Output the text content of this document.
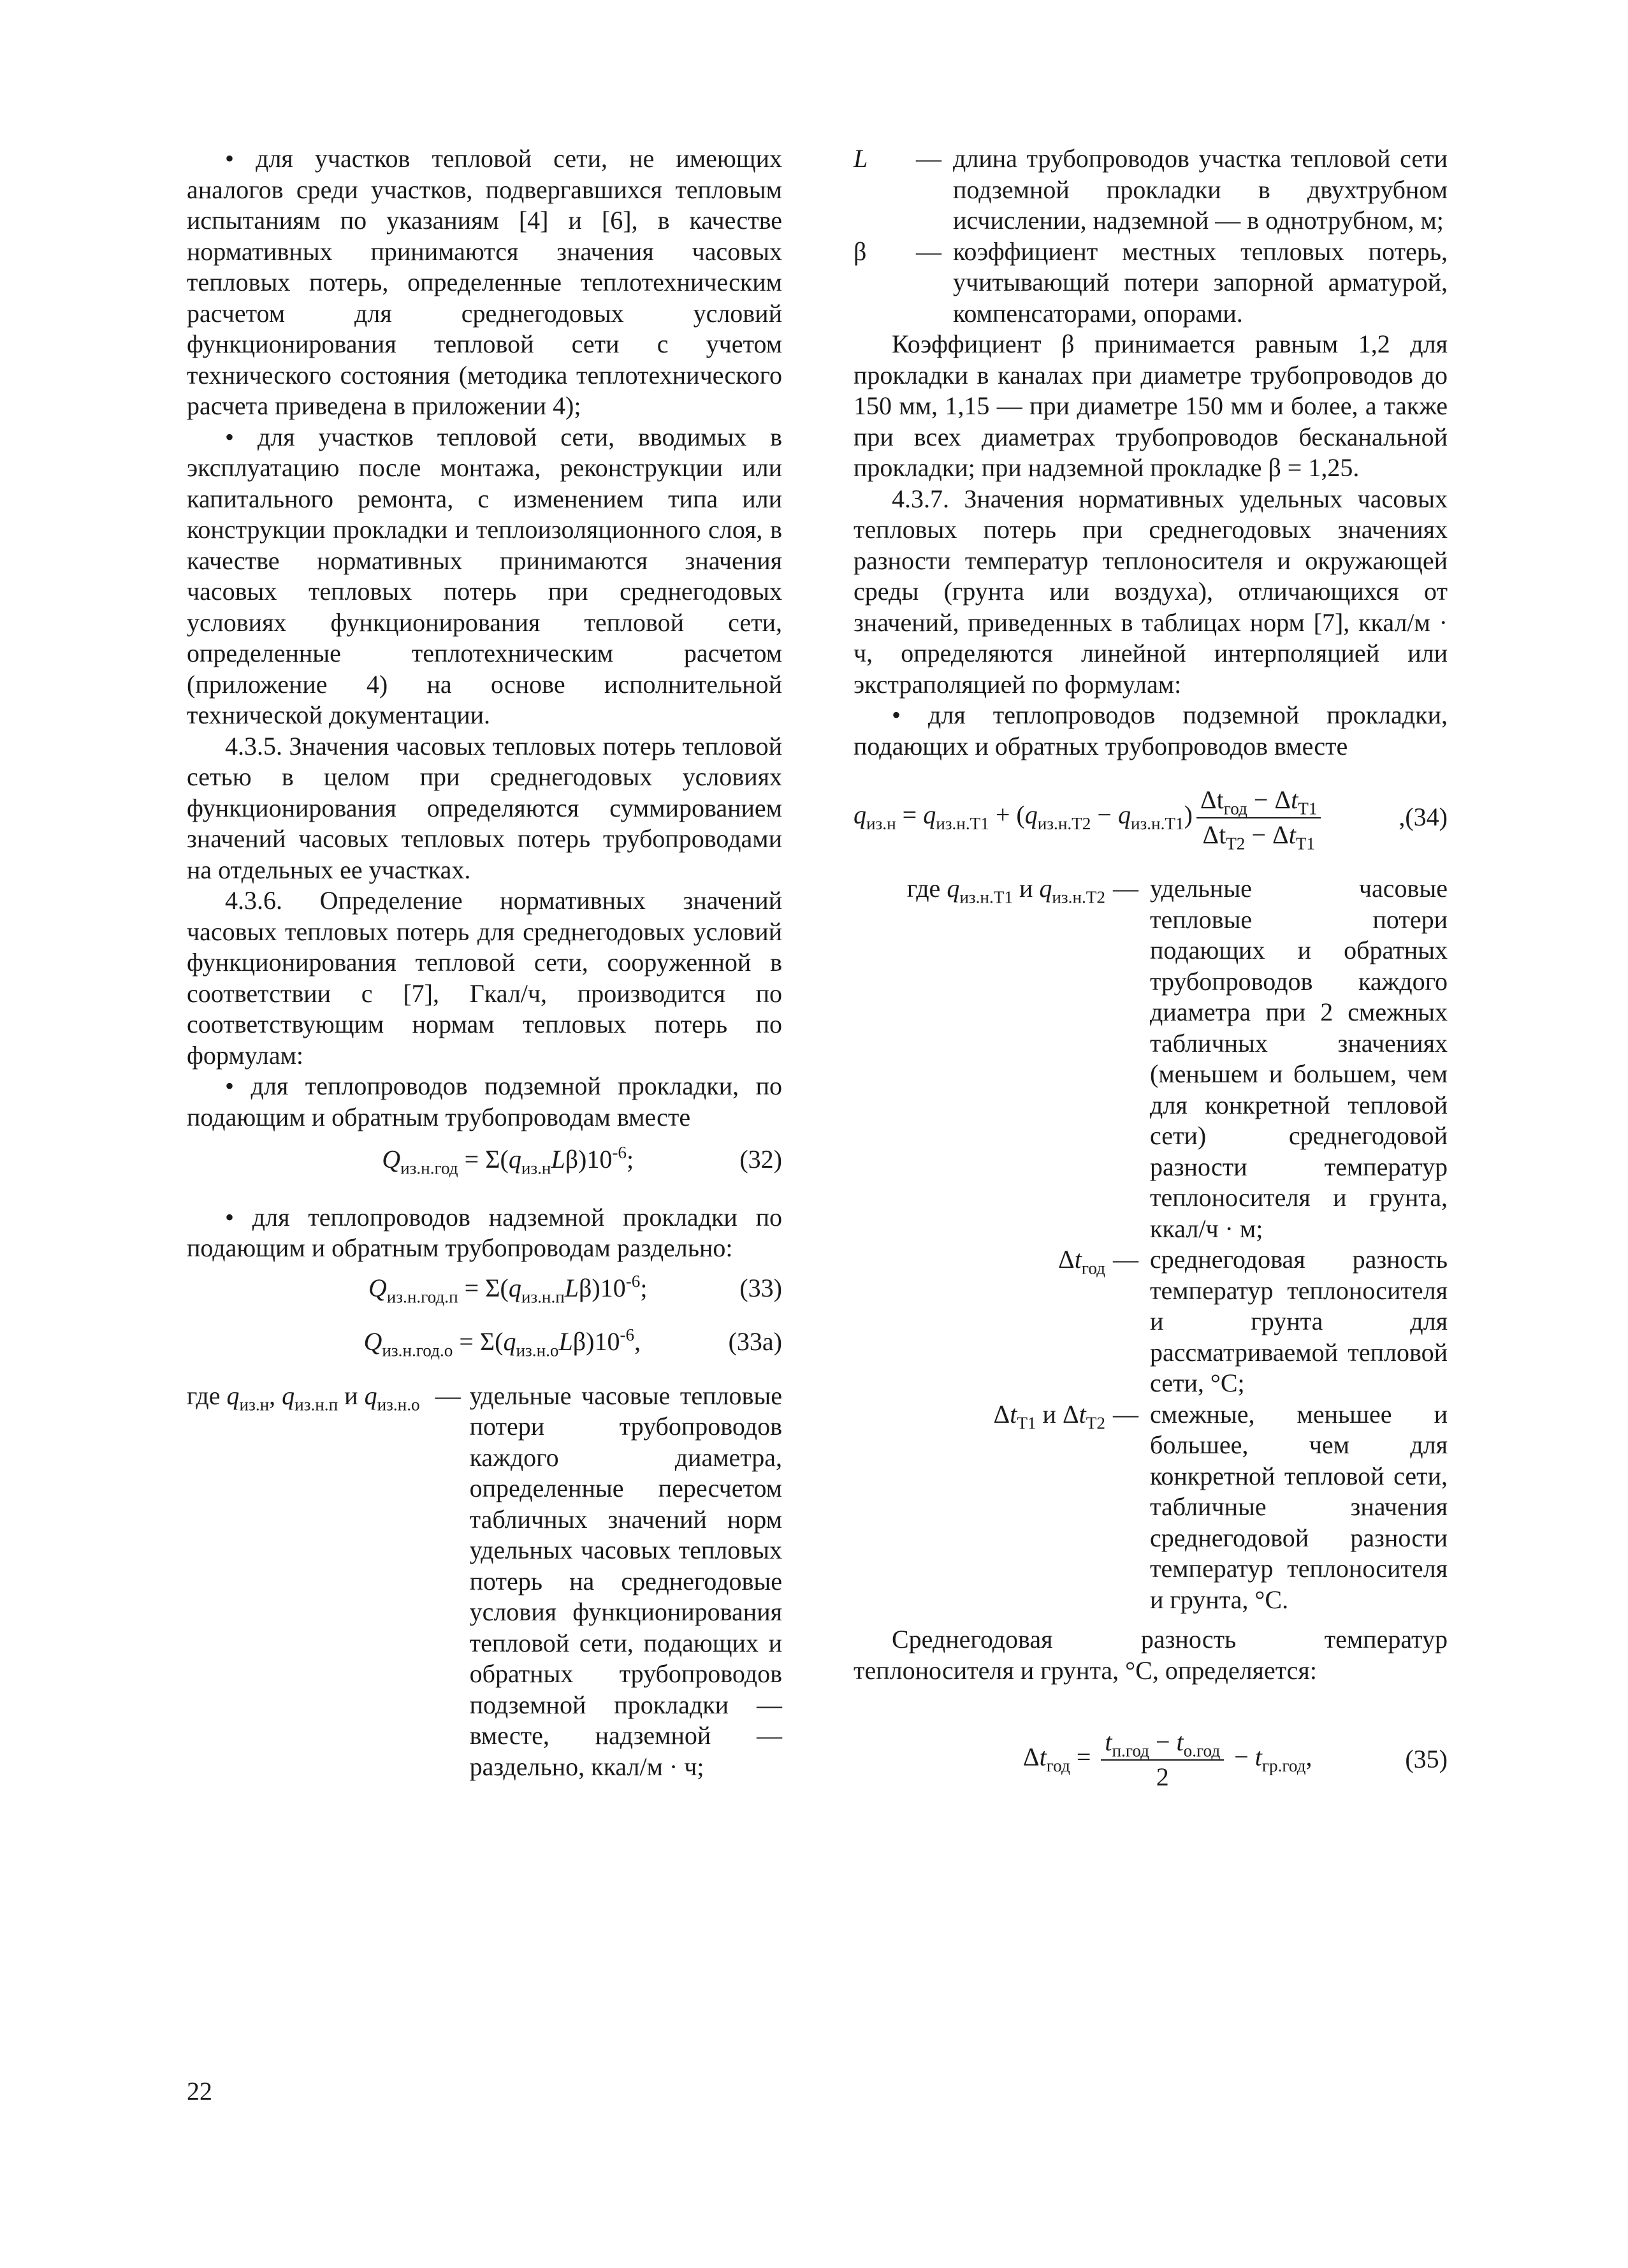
• для участков тепловой сети, не имеющих аналогов среди участков, подвергавшихся тепловым испытаниям по указаниям [4] и [6], в качестве нормативных принимаются значения часовых тепловых потерь, определенные теплотехническим расчетом для среднегодовых условий функционирования тепловой сети с учетом технического состояния (методика теплотехнического расчета приведена в приложении 4);

• для участков тепловой сети, вводимых в эксплуатацию после монтажа, реконструкции или капитального ремонта, с изменением типа или конструкции прокладки и теплоизоляционного слоя, в качестве нормативных принимаются значения часовых тепловых потерь при среднегодовых условиях функционирования тепловой сети, определенные теплотехническим расчетом (приложение 4) на основе исполнительной технической документации.

4.3.5. Значения часовых тепловых потерь тепловой сетью в целом при среднегодовых условиях функционирования определяются суммированием значений часовых тепловых потерь трубопроводами на отдельных ее участках.

4.3.6. Определение нормативных значений часовых тепловых потерь для среднегодовых условий функционирования тепловой сети, сооруженной в соответствии с [7], Гкал/ч, производится по соответствующим нормам тепловых потерь по формулам:

• для теплопроводов подземной прокладки, по подающим и обратным трубопроводам вместе

$Q_{из.н.год} = \Sigma(q_{из.н}L\beta)10^{-6}$;	(32)

• для теплопроводов надземной прокладки по подающим и обратным трубопроводам раздельно:

$Q_{из.н.год.п} = \Sigma(q_{из.н.п}L\beta)10^{-6}$;	(33)
$Q_{из.н.год.о} = \Sigma(q_{из.н.о}L\beta)10^{-6}$,	(33а)
где $q_{из.н}$, $q_{из.н.п}$ и $q_{из.н.о}$ — удельные часовые тепловые потери трубопроводов каждого диаметра, определенные пересчетом табличных значений норм удельных часовых тепловых потерь на среднегодовые условия функционирования тепловой сети, подающих и обратных трубопроводов подземной прокладки — вместе, надземной — раздельно, ккал/м · ч;

L	— длина трубопроводов участка тепловой сети подземной прокладки в двухтрубном исчислении, надземной — в однотрубном, м;
β	— коэффициент местных тепловых потерь, учитывающий потери запорной арматурой, компенсаторами, опорами.

Коэффициент β принимается равным 1,2 для прокладки в каналах при диаметре трубопроводов до 150 мм, 1,15 — при диаметре 150 мм и более, а также при всех диаметрах трубопроводов бесканальной прокладки; при надземной прокладке β = 1,25.

4.3.7. Значения нормативных удельных часовых тепловых потерь при среднегодовых значениях разности температур теплоносителя и окружающей среды (грунта или воздуха), отличающихся от значений, приведенных в таблицах норм [7], ккал/м · ч, определяются линейной интерполяцией или экстраполяцией по формулам:

• для теплопроводов подземной прокладки, подающих и обратных трубопроводов вместе

$q_{из.н} = q_{из.н.Т1} + (q_{из.н.Т2} - q_{из.н.Т1}) \frac{\Delta t_{год} - \Delta t_{Т1}}{\Delta t_{Т2} - \Delta t_{Т1}}$	,(34)
где $q_{из.н.Т1}$ и $q_{из.н.Т2}$ — удельные часовые тепловые потери подающих и обратных трубопроводов каждого диаметра при 2 смежных табличных значениях (меньшем и большем, чем для конкретной тепловой сети) среднегодовой разности температур теплоносителя и грунта, ккал/ч · м;
$\Delta t_{год}$ — среднегодовая разность температур теплоносителя и грунта для рассматриваемой тепловой сети, °С;
$\Delta t_{Т1}$ и $\Delta t_{Т2}$ — смежные, меньшее и большее, чем для конкретной тепловой сети, табличные значения среднегодовой разности температур теплоносителя и грунта, °С.

Среднегодовая разность температур теплоносителя и грунта, °С, определяется:

$\Delta t_{год} = \frac{t_{п.год} - t_{о.год}}{2} - t_{гр.год}$,	(35)
22
